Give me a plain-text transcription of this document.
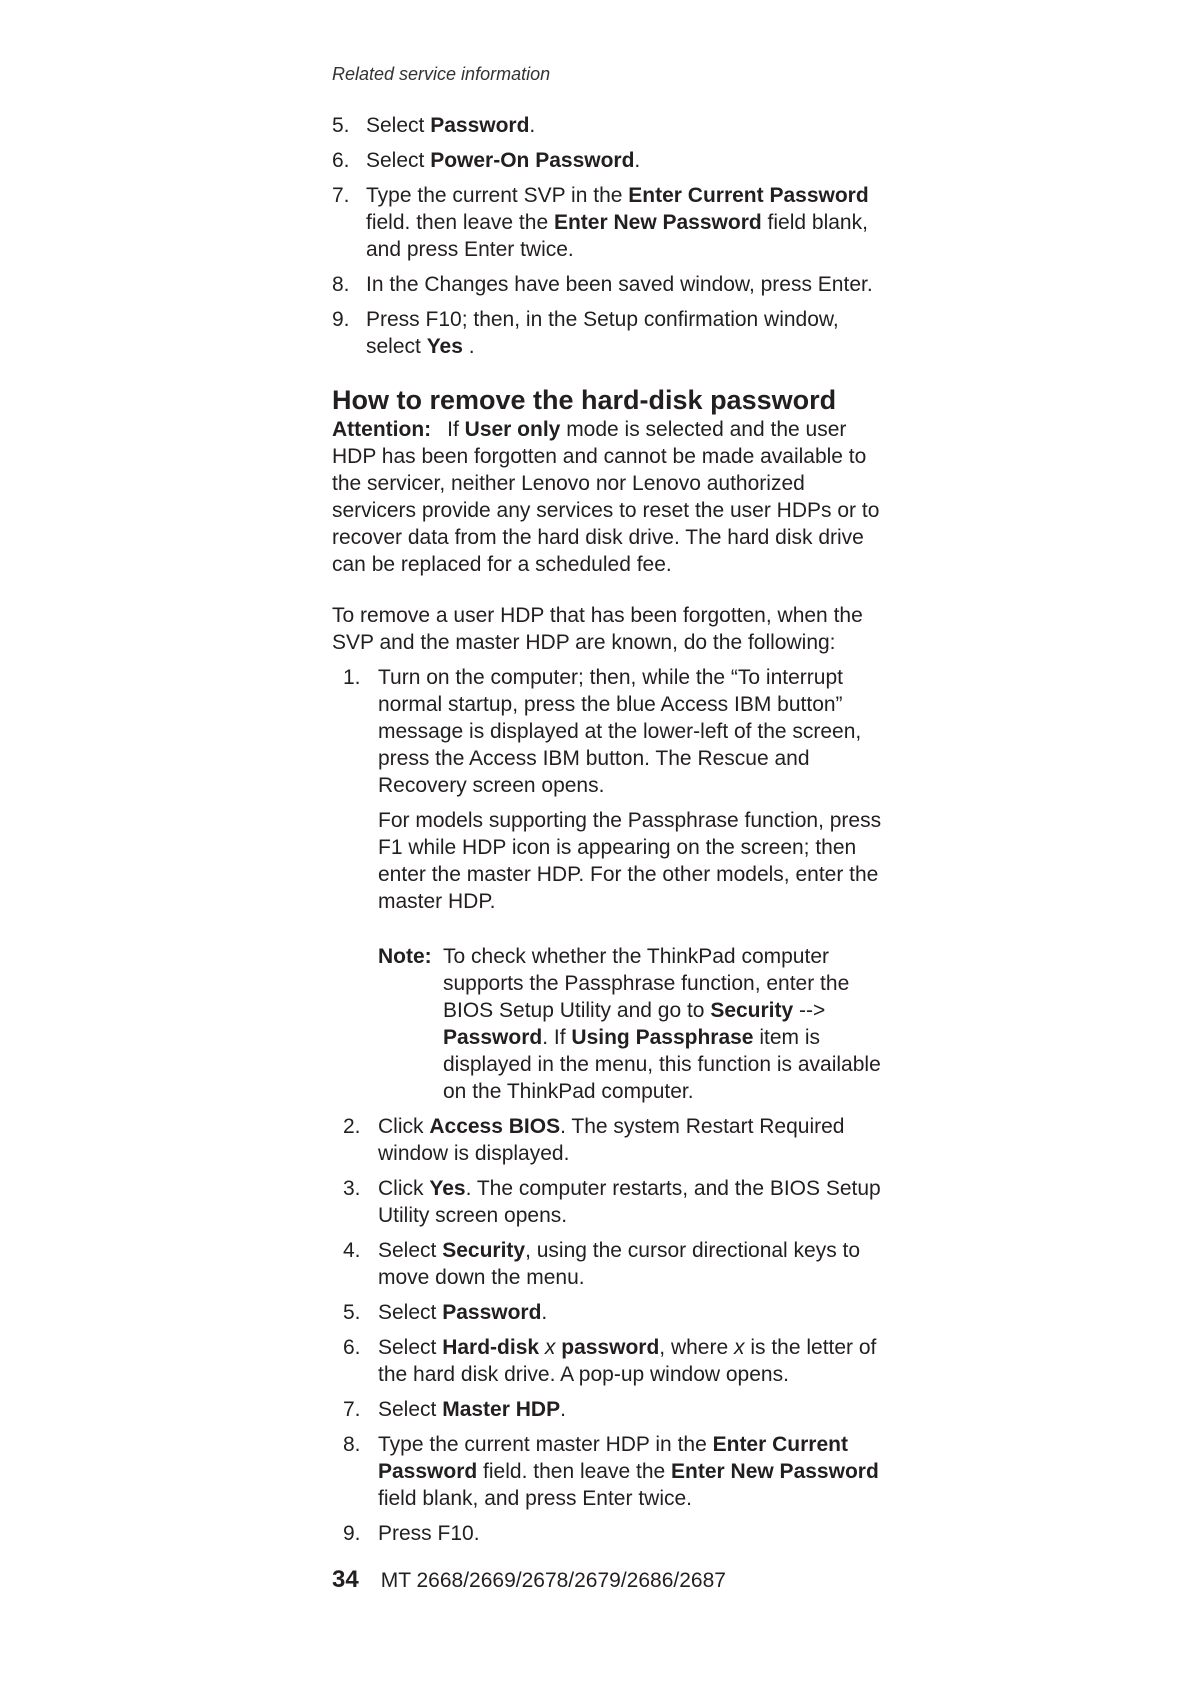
Related service information
5. Select Password.

6. Select Power-On Password.

7. Type the current SVP in the Enter Current Password field. then leave the Enter New Password field blank, and press Enter twice.

8. In the Changes have been saved window, press Enter.

9. Press F10; then, in the Setup confirmation window, select Yes .

How to remove the hard-disk password

Attention: If User only mode is selected and the user HDP has been forgotten and cannot be made available to the servicer, neither Lenovo nor Lenovo authorized servicers provide any services to reset the user HDPs or to recover data from the hard disk drive. The hard disk drive can be replaced for a scheduled fee.

To remove a user HDP that has been forgotten, when the SVP and the master HDP are known, do the following:

1. Turn on the computer; then, while the “To interrupt normal startup, press the blue Access IBM button” message is displayed at the lower-left of the screen, press the Access IBM button. The Rescue and Recovery screen opens.

For models supporting the Passphrase function, press F1 while HDP icon is appearing on the screen; then enter the master HDP. For the other models, enter the master HDP.

Note: To check whether the ThinkPad computer supports the Passphrase function, enter the BIOS Setup Utility and go to Security --> Password. If Using Passphrase item is displayed in the menu, this function is available on the ThinkPad computer.
2. Click Access BIOS. The system Restart Required window is displayed.

3. Click Yes. The computer restarts, and the BIOS Setup Utility screen opens.

4. Select Security, using the cursor directional keys to move down the menu.

5. Select Password.

6. Select Hard-disk x password, where x is the letter of the hard disk drive. A pop-up window opens.

7. Select Master HDP.

8. Type the current master HDP in the Enter Current Password field. then leave the Enter New Password field blank, and press Enter twice.

9. Press F10.

34 MT 2668/2669/2678/2679/2686/2687
